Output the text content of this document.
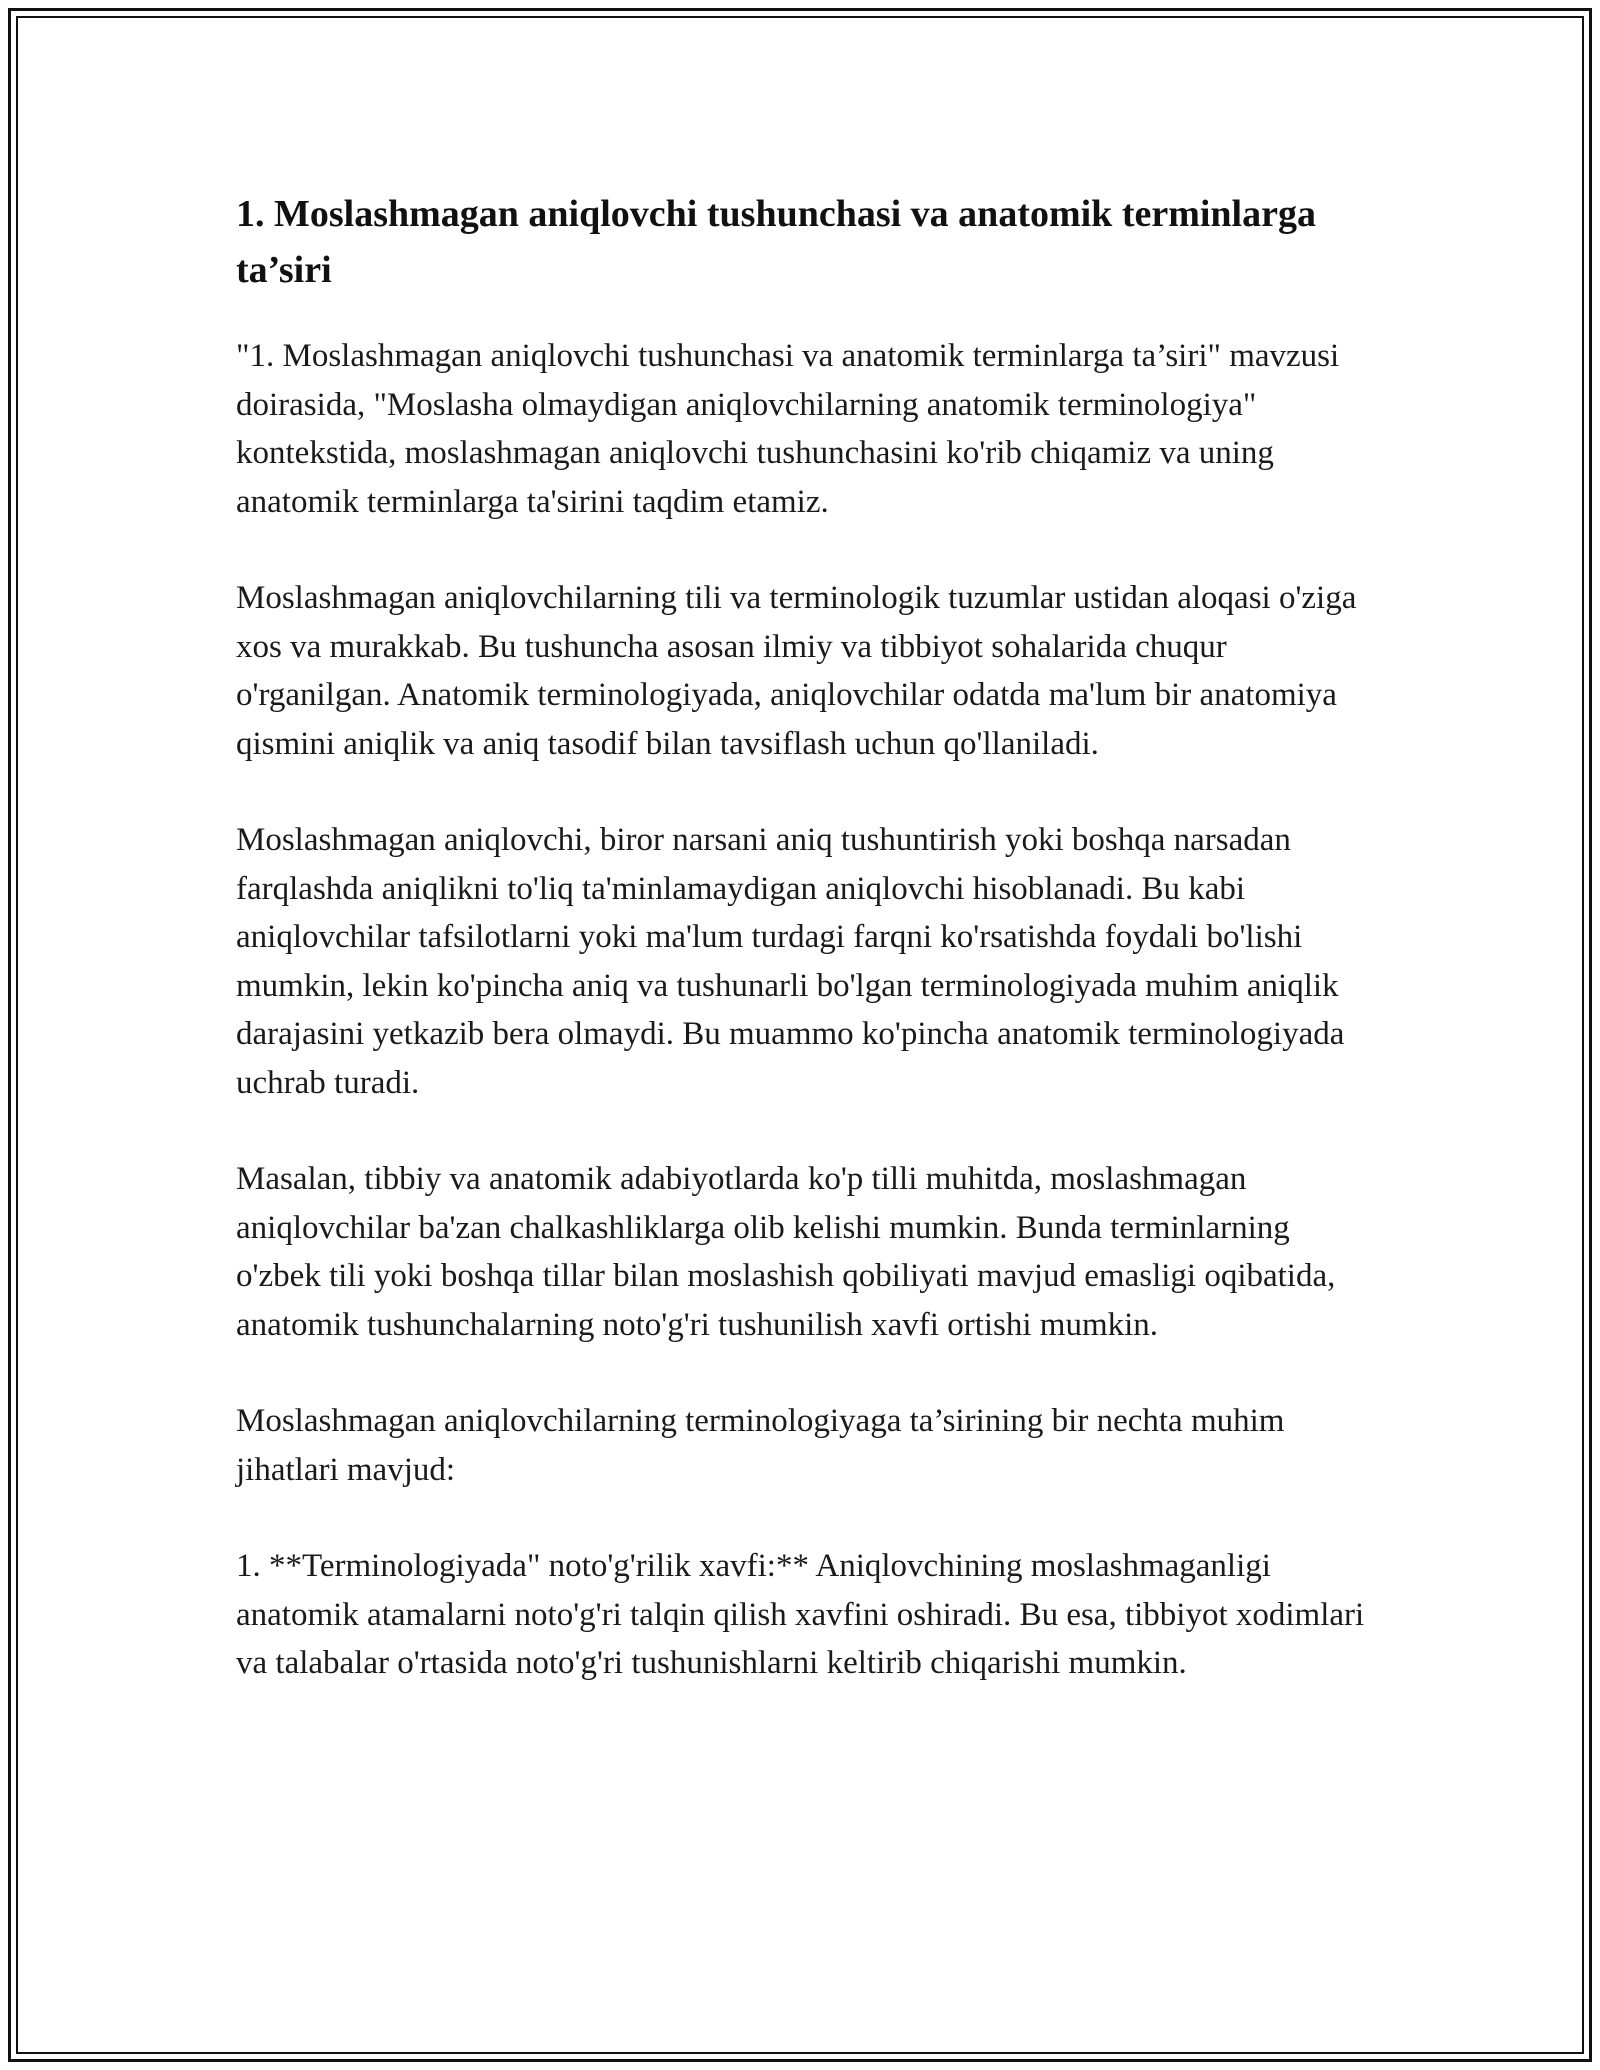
1. Moslashmagan aniqlovchi tushunchasi va anatomik terminlarga ta’siri

"1. Moslashmagan aniqlovchi tushunchasi va anatomik terminlarga ta’siri" mavzusi doirasida, "Moslasha olmaydigan aniqlovchilarning anatomik terminologiya" kontekstida, moslashmagan aniqlovchi tushunchasini ko'rib chiqamiz va uning anatomik terminlarga ta'sirini taqdim etamiz.

Moslashmagan aniqlovchilarning tili va terminologik tuzumlar ustidan aloqasi o'ziga xos va murakkab. Bu tushuncha asosan ilmiy va tibbiyot sohalarida chuqur o'rganilgan. Anatomik terminologiyada, aniqlovchilar odatda ma'lum bir anatomiya qismini aniqlik va aniq tasodif bilan tavsiflash uchun qo'llaniladi.

Moslashmagan aniqlovchi, biror narsani aniq tushuntirish yoki boshqa narsadan farqlashda aniqlikni to'liq ta'minlamaydigan aniqlovchi hisoblanadi. Bu kabi aniqlovchilar tafsilotlarni yoki ma'lum turdagi farqni ko'rsatishda foydali bo'lishi mumkin, lekin ko'pincha aniq va tushunarli bo'lgan terminologiyada muhim aniqlik darajasini yetkazib bera olmaydi. Bu muammo ko'pincha anatomik terminologiyada uchrab turadi.

Masalan, tibbiy va anatomik adabiyotlarda ko'p tilli muhitda, moslashmagan aniqlovchilar ba'zan chalkashliklarga olib kelishi mumkin. Bunda terminlarning o'zbek tili yoki boshqa tillar bilan moslashish qobiliyati mavjud emasligi oqibatida, anatomik tushunchalarning noto'g'ri tushunilish xavfi ortishi mumkin.

Moslashmagan aniqlovchilarning terminologiyaga ta’sirining bir nechta muhim jihatlari mavjud:

1. **Terminologiyada" noto'g'rilik xavfi:** Aniqlovchining moslashmaganligi anatomik atamalarni noto'g'ri talqin qilish xavfini oshiradi. Bu esa, tibbiyot xodimlari va talabalar o'rtasida noto'g'ri tushunishlarni keltirib chiqarishi mumkin.
